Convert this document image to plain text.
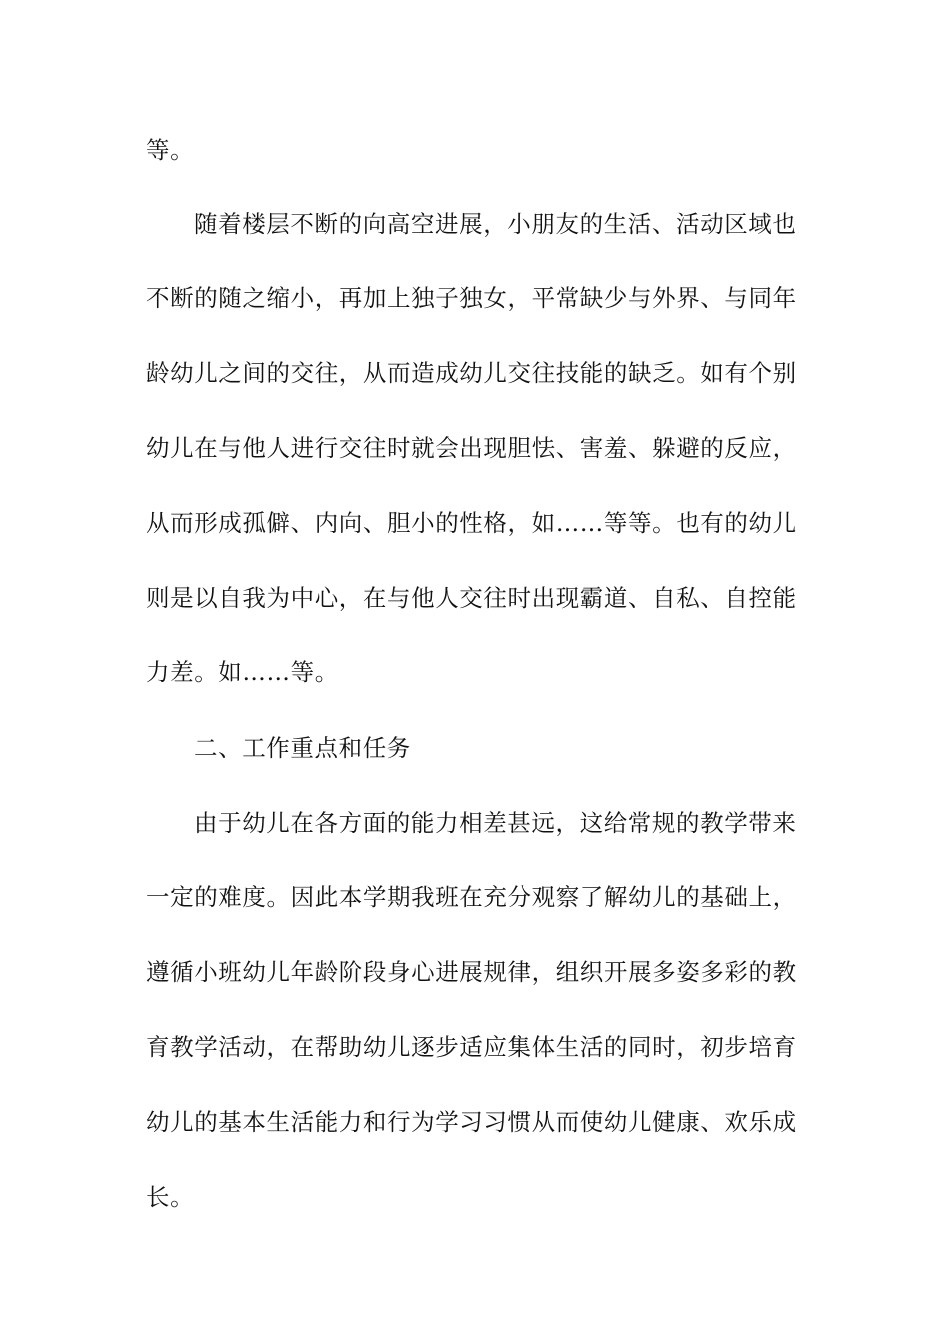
等。
随着楼层不断的向高空进展，小朋友的生活、活动区域也
不断的随之缩小，再加上独子独女，平常缺少与外界、与同年
龄幼儿之间的交往，从而造成幼儿交往技能的缺乏。如有个别
幼儿在与他人进行交往时就会出现胆怯、害羞、躲避的反应，
从而形成孤僻、内向、胆小的性格，如……等等。也有的幼儿
则是以自我为中心，在与他人交往时出现霸道、自私、自控能
力差。如……等。
二、工作重点和任务
由于幼儿在各方面的能力相差甚远，这给常规的教学带来
一定的难度。因此本学期我班在充分观察了解幼儿的基础上，
遵循小班幼儿年龄阶段身心进展规律，组织开展多姿多彩的教
育教学活动，在帮助幼儿逐步适应集体生活的同时，初步培育
幼儿的基本生活能力和行为学习习惯从而使幼儿健康、欢乐成
长。
